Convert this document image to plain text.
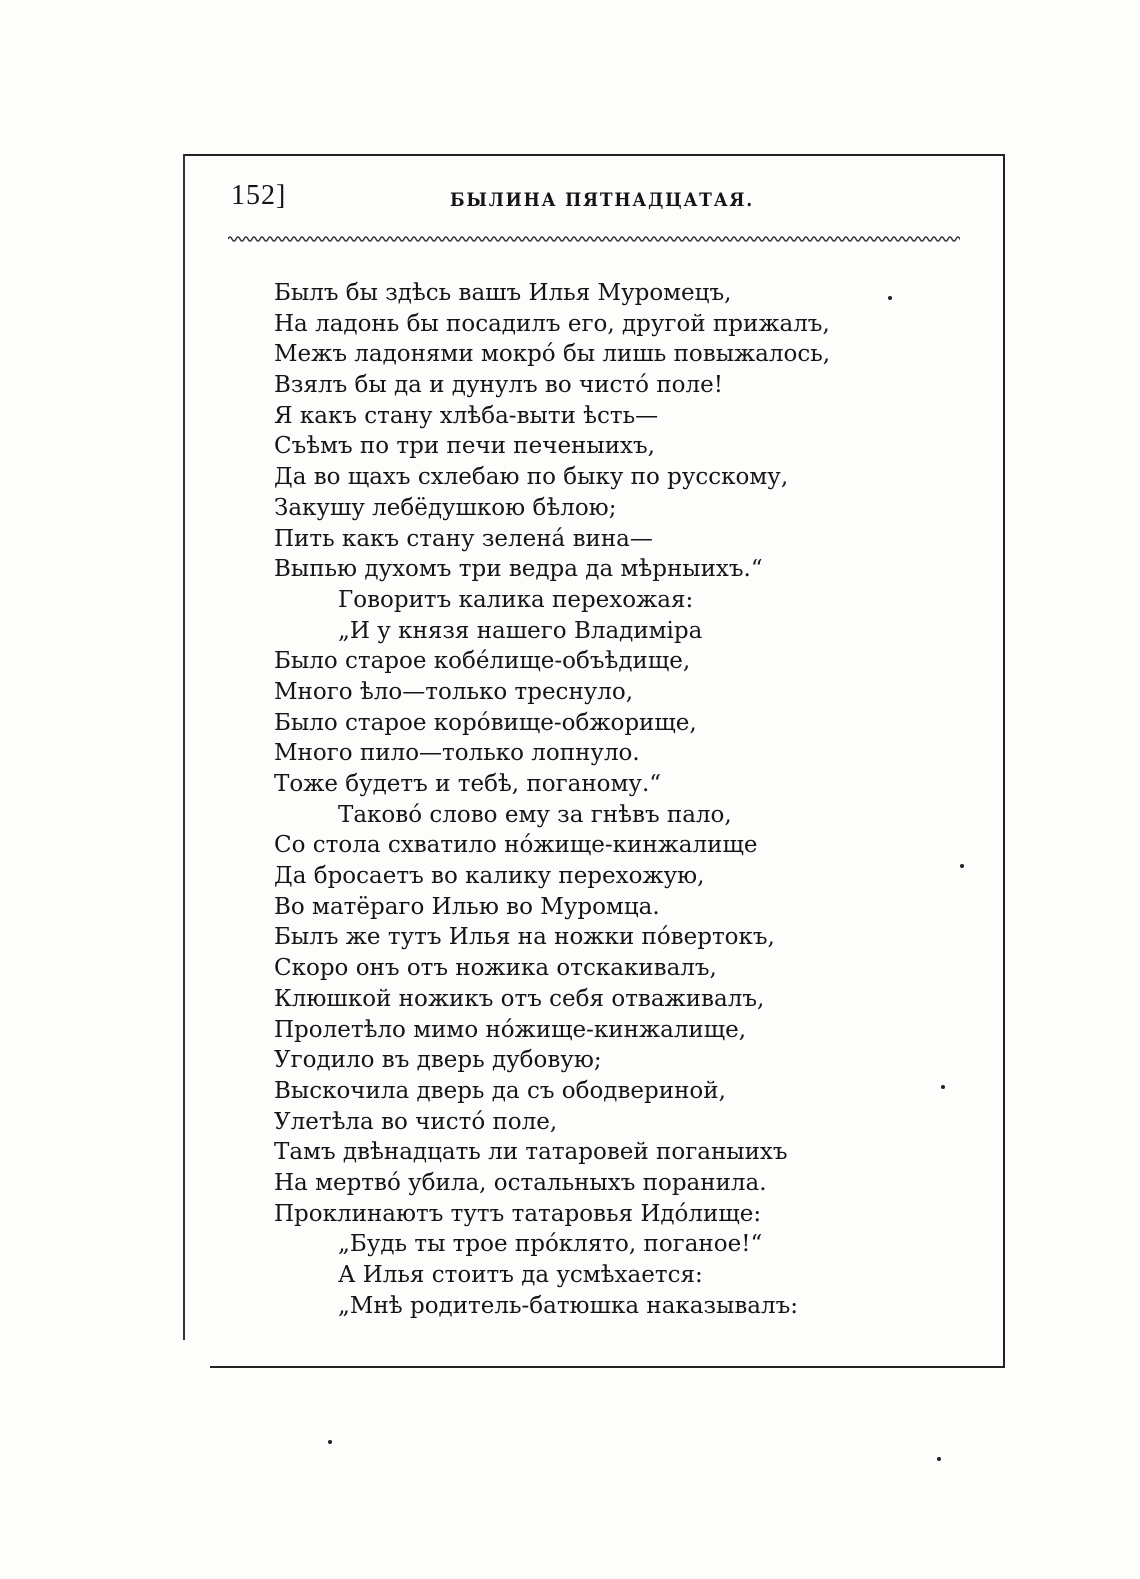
152]	БЫЛИНА ПЯТНАДЦАТАЯ.
Былъ бы здѣсь вашъ Илья Муромецъ,
На ладонь бы посадилъ его, другой прижалъ,
Межъ ладонями мокро́ бы лишь повыжалось,
Взялъ бы да и дунулъ во чисто́ поле!
Я какъ стану хлѣба-выти ѣсть—
Съѣмъ по три печи печеныихъ,
Да во щахъ схлебаю по быку по русскому,
Закушу лебёдушкою бѣлою;
Пить какъ стану зелена́ вина—
Выпью духомъ три ведра да мѣрныихъ.“
Говоритъ калика перехожая:
„И у князя нашего Владиміра
Было старое кобе́лище-объѣдище,
Много ѣло—только треснуло,
Было старое коро́вище-обжорище,
Много пило—только лопнуло.
Тоже будетъ и тебѣ, поганому.“
Таково́ слово ему за гнѣвъ пало,
Со стола схватило но́жище-кинжалище
Да бросаетъ во калику перехожую,
Во матёраго Илью во Муромца.
Былъ же тутъ Илья на ножки по́вертокъ,
Скоро онъ отъ ножика отскакивалъ,
Клюшкой ножикъ отъ себя отваживалъ,
Пролетѣло мимо но́жище-кинжалище,
Угодило въ дверь дубовую;
Выскочила дверь да съ ободвериной,
Улетѣла во чисто́ поле,
Тамъ двѣнадцать ли татаровей поганыихъ
На мертво́ убила, остальныхъ поранила.
Проклинаютъ тутъ татаровья Идо́лище:
„Будь ты трое про́клято, поганое!“
А Илья стоитъ да усмѣхается:
„Мнѣ родитель-батюшка наказывалъ:
